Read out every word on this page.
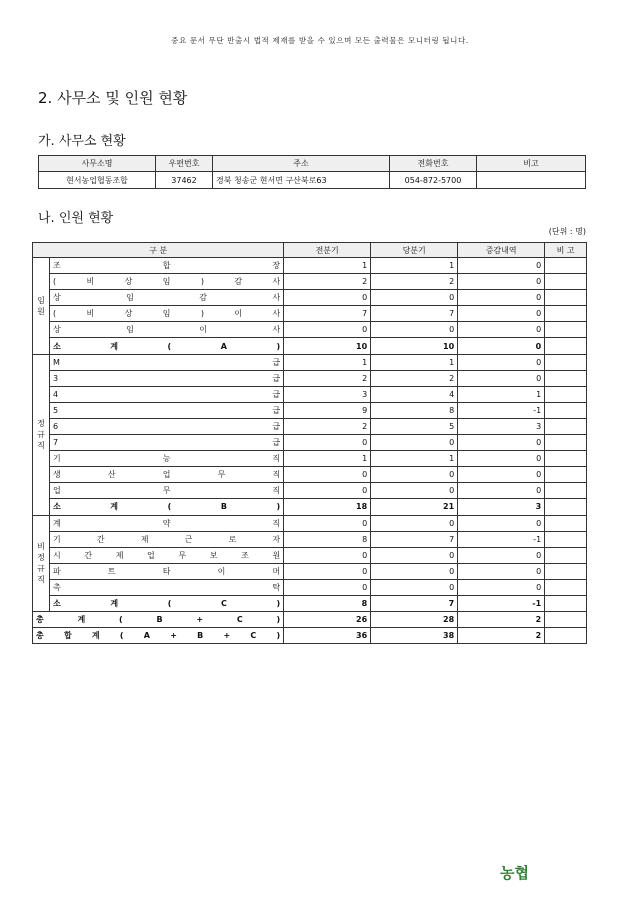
중요 문서 무단 반출시 법적 제재를 받을 수 있으며 모든 출력물은 모니터링 됩니다.
2. 사무소 및 인원 현황
가. 사무소 현황
사무소명	우편번호	주소	전화번호	비고
현서농업협동조합	37462	경북 청송군 현서면 구산북로63	054-872-5700	
나. 인원 현황
(단위 : 명)
구 분		전분기	당분기	증감내역	비 고
임
원	조 합 장	1	1	0	
	( 비 상 임 ) 감 사	2	2	0	
	상 임 감 사	0	0	0	
	( 비 상 임 ) 이 사	7	7	0	
	상 임 이 사	0	0	0	
	소 계 ( A )	10	10	0	
정
규
직	M 급	1	1	0	
	3 급	2	2	0	
	4 급	3	4	1	
	5 급	9	8	-1	
	6 급	2	5	3	
	7 급	0	0	0	
	기 능 직	1	1	0	
	생 산 업 무 직	0	0	0	
	업 무 직	0	0	0	
	소 계 ( B )	18	21	3	
비
정
규
직	계 약 직	0	0	0	
	기 간 제 근 로 자	8	7	-1	
	시 간 제 업 무 보 조 원	0	0	0	
	파 트 타 이 머	0	0	0	
	촉 탁	0	0	0	
	소 계 ( C )	8	7	-1	
총 계 ( B + C )		26	28	2	
총 합 계 ( A + B + C )		36	38	2	
농협
